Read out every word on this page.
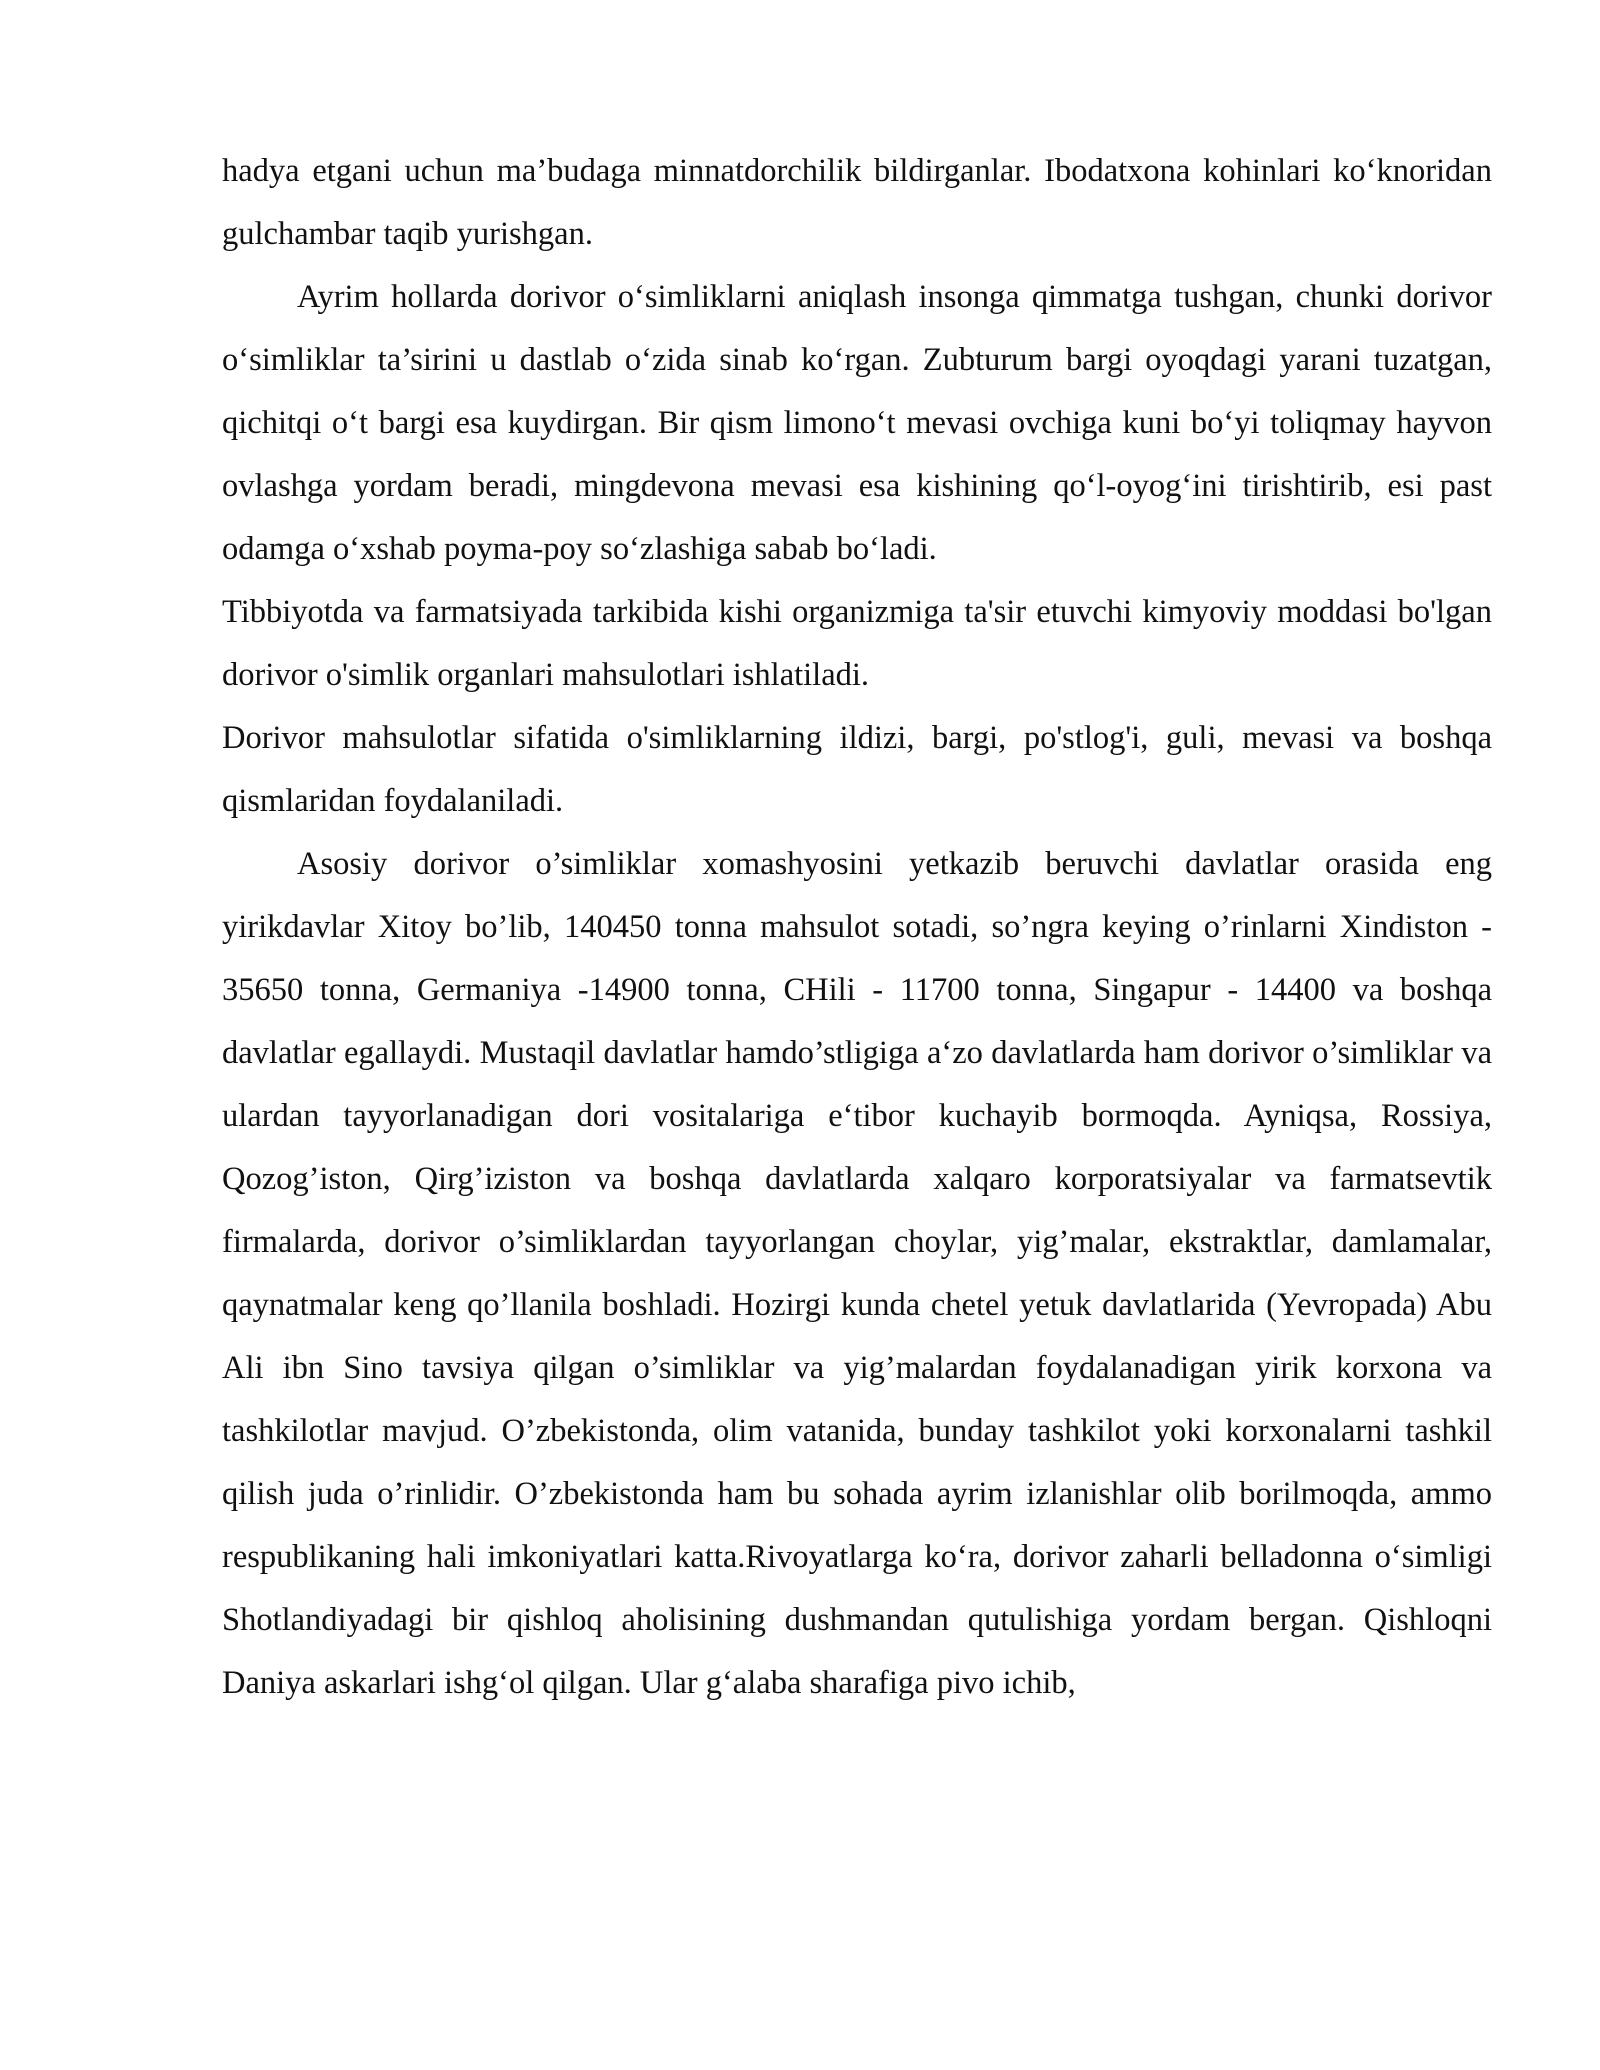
hadya etgani uchun ma’budaga minnatdorchilik bildirganlar. Ibodatxona kohinlari ko‘knoridan gulchambar taqib yurishgan.

Ayrim hollarda dorivor o‘simliklarni aniqlash insonga qimmatga tushgan, chunki dorivor o‘simliklar ta’sirini u dastlab o‘zida sinab ko‘rgan. Zubturum bargi oyoqdagi yarani tuzatgan, qichitqi o‘t bargi esa kuydirgan. Bir qism limono‘t mevasi ovchiga kuni bo‘yi toliqmay hayvon ovlashga yordam beradi, mingdevona mevasi esa kishining qo‘l-oyog‘ini tirishtirib, esi past odamga o‘xshab poyma-poy so‘zlashiga sabab bo‘ladi.

Tibbiyotda va farmatsiyada tarkibida kishi organizmiga ta'sir etuvchi kimyoviy moddasi bo'lgan dorivor o'simlik organlari mahsulotlari ishlatiladi.

Dorivor mahsulotlar sifatida o'simliklarning ildizi, bargi, po'stlog'i, guli, mevasi va boshqa qismlaridan foydalaniladi.

Asosiy dorivor o’simliklar xomashyosini yetkazib beruvchi davlatlar orasida eng yirikdavlar Xitoy bo’lib, 140450 tonna mahsulot sotadi, so’ngra keying o’rinlarni Xindiston - 35650 tonna, Germaniya -14900 tonna, CHili - 11700 tonna, Singapur - 14400 va boshqa davlatlar egallaydi. Mustaqil davlatlar hamdo’stligiga a‘zo davlatlarda ham dorivor o’simliklar va ulardan tayyorlanadigan dori vositalariga e‘tibor kuchayib bormoqda. Ayniqsa, Rossiya, Qozog’iston, Qirg’iziston va boshqa davlatlarda xalqaro korporatsiyalar va farmatsevtik firmalarda, dorivor o’simliklardan tayyorlangan choylar, yig’malar, ekstraktlar, damlamalar, qaynatmalar keng qo’llanila boshladi. Hozirgi kunda chetel yetuk davlatlarida (Yevropada) Abu Ali ibn Sino tavsiya qilgan o’simliklar va yig’malardan foydalanadigan yirik korxona va tashkilotlar mavjud. O’zbekistonda, olim vatanida, bunday tashkilot yoki korxonalarni tashkil qilish juda o’rinlidir. O’zbekistonda ham bu sohada ayrim izlanishlar olib borilmoqda, ammo respublikaning hali imkoniyatlari katta.Rivoyatlarga ko‘ra, dorivor zaharli belladonna o‘simligi Shotlandiyadagi bir qishloq aholisining dushmandan qutulishiga yordam bergan. Qishloqni Daniya askarlari ishg‘ol qilgan. Ular g‘alaba sharafiga pivo ichib,
